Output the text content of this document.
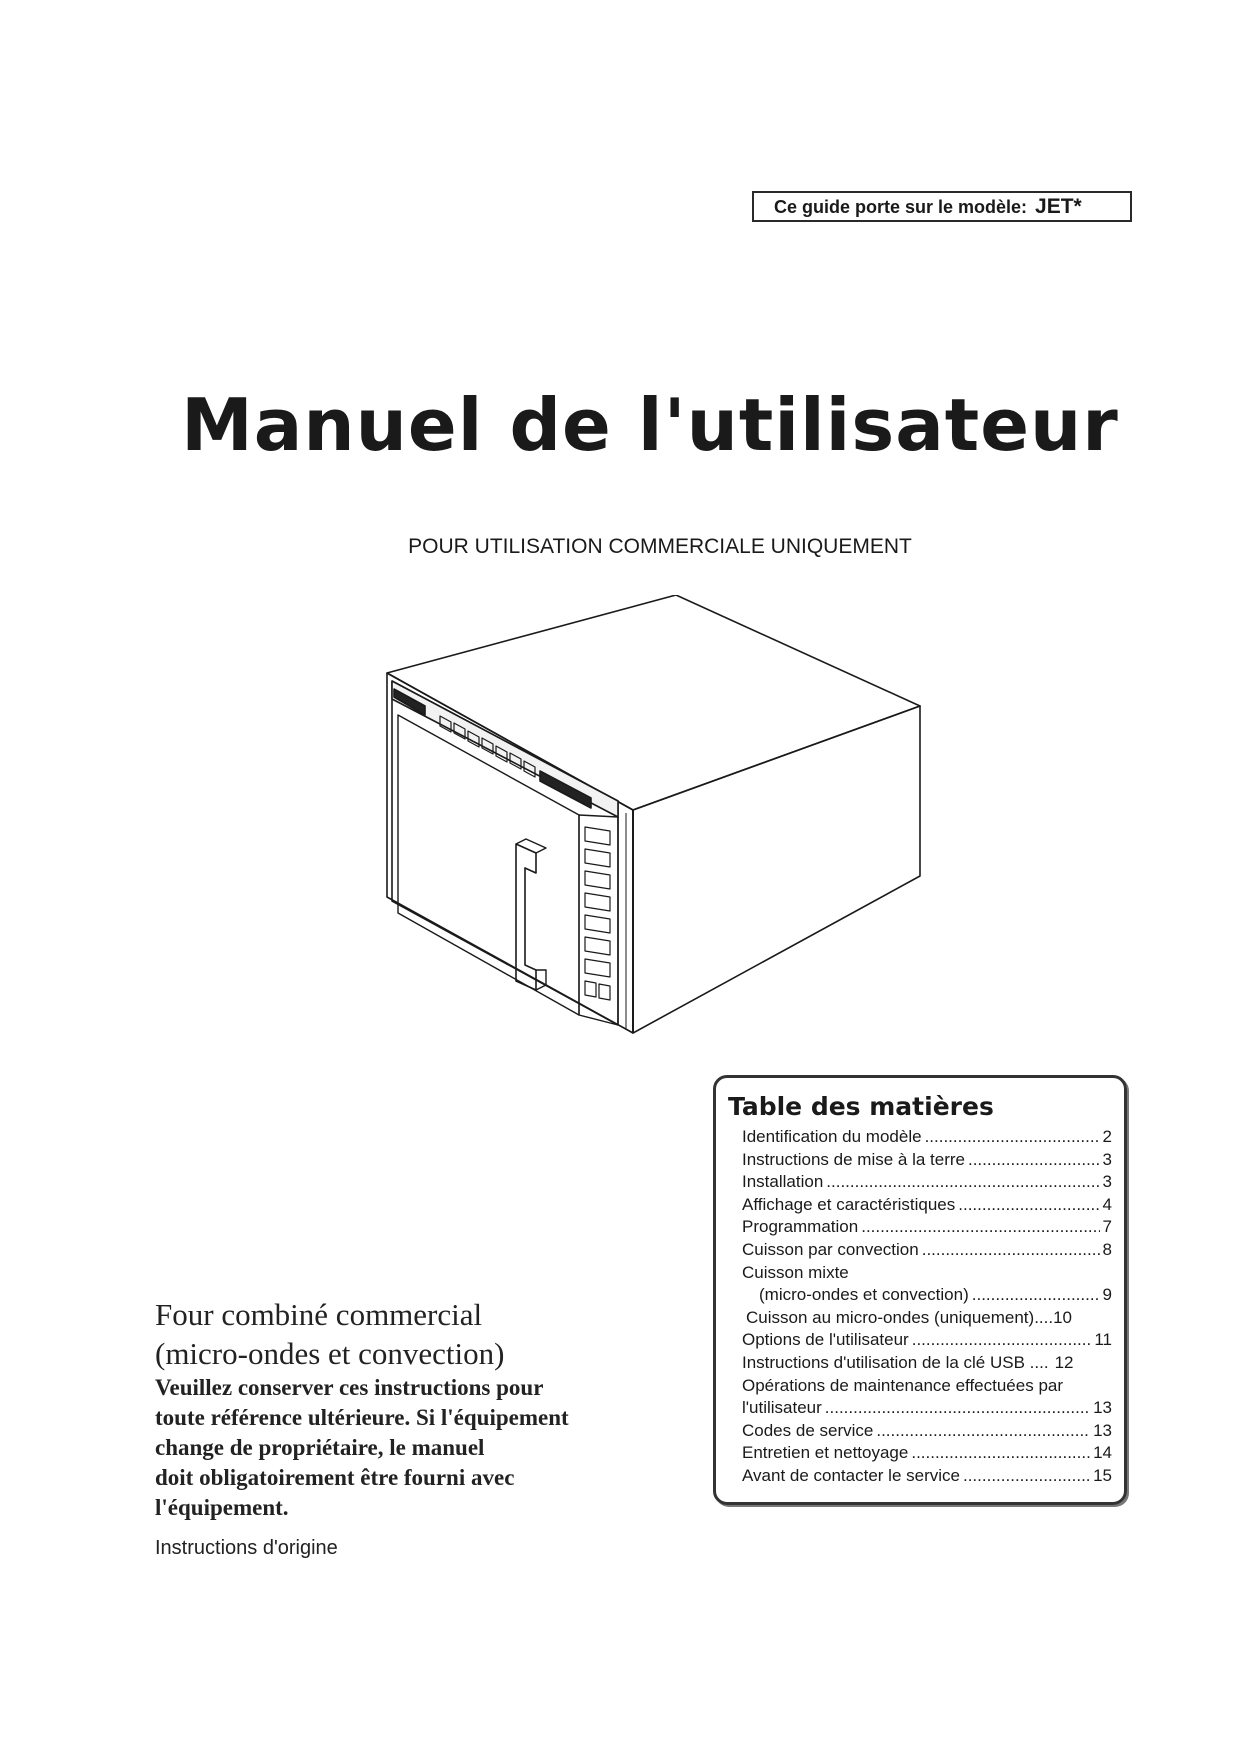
Ce guide porte sur le modèle: JET*
Manuel de l'utilisateur
POUR UTILISATION COMMERCIALE UNIQUEMENT

Four combiné commercial

(micro-ondes et convection)

Veuillez conserver ces instructions pour

toute référence ultérieure. Si l'équipement

change de propriétaire, le manuel

doit obligatoirement être fourni avec

l'équipement.

Instructions d'origine
Table des matières
Identification du modèle .....	2
Instructions de mise à la terre .....	3
Installation .....	3
Affichage et caractéristiques .....	4
Programmation .....	7
Cuisson par convection .....	8
Cuisson mixte
(micro-ondes et convection) .....	9
Cuisson au micro-ondes (uniquement).... 10
Options de l'utilisateur .....	11
Instructions d'utilisation de la clé USB .... 12
Opérations de maintenance effectuées par
l'utilisateur .....	13
Codes de service .....	13
Entretien et nettoyage .....	14
Avant de contacter le service .....	15
